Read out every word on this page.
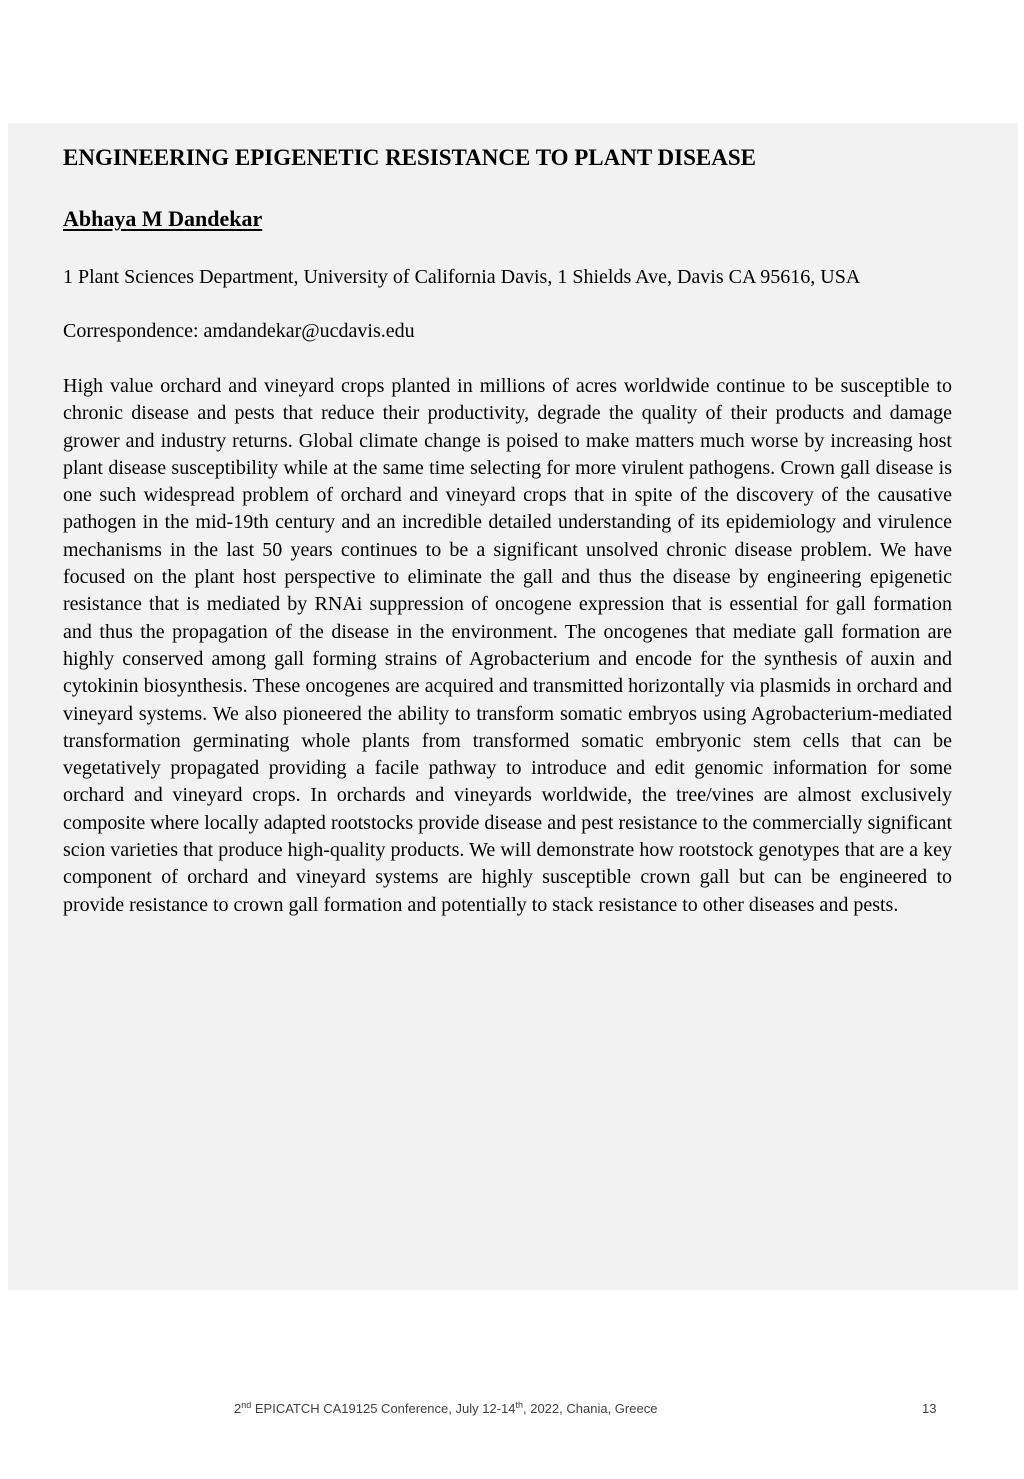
ENGINEERING EPIGENETIC RESISTANCE TO PLANT DISEASE
Abhaya M Dandekar
1 Plant Sciences Department, University of California Davis, 1 Shields Ave, Davis CA 95616, USA
Correspondence: amdandekar@ucdavis.edu

High value orchard and vineyard crops planted in millions of acres worldwide continue to be susceptible to chronic disease and pests that reduce their productivity, degrade the quality of their products and damage grower and industry returns. Global climate change is poised to make matters much worse by increasing host plant disease susceptibility while at the same time selecting for more virulent pathogens. Crown gall disease is one such widespread problem of orchard and vineyard crops that in spite of the discovery of the causative pathogen in the mid-19th century and an incredible detailed understanding of its epidemiology and virulence mechanisms in the last 50 years continues to be a significant unsolved chronic disease problem. We have focused on the plant host perspective to eliminate the gall and thus the disease by engineering epigenetic resistance that is mediated by RNAi suppression of oncogene expression that is essential for gall formation and thus the propagation of the disease in the environment. The oncogenes that mediate gall formation are highly conserved among gall forming strains of Agrobacterium and encode for the synthesis of auxin and cytokinin biosynthesis. These oncogenes are acquired and transmitted horizontally via plasmids in orchard and vineyard systems. We also pioneered the ability to transform somatic embryos using Agrobacterium-mediated transformation germinating whole plants from transformed somatic embryonic stem cells that can be vegetatively propagated providing a facile pathway to introduce and edit genomic information for some orchard and vineyard crops. In orchards and vineyards worldwide, the tree/vines are almost exclusively composite where locally adapted rootstocks provide disease and pest resistance to the commercially significant scion varieties that produce high-quality products. We will demonstrate how rootstock genotypes that are a key component of orchard and vineyard systems are highly susceptible crown gall but can be engineered to provide resistance to crown gall formation and potentially to stack resistance to other diseases and pests.

2nd EPICATCH CA19125 Conference, July 12-14th, 2022, Chania, Greece	13
